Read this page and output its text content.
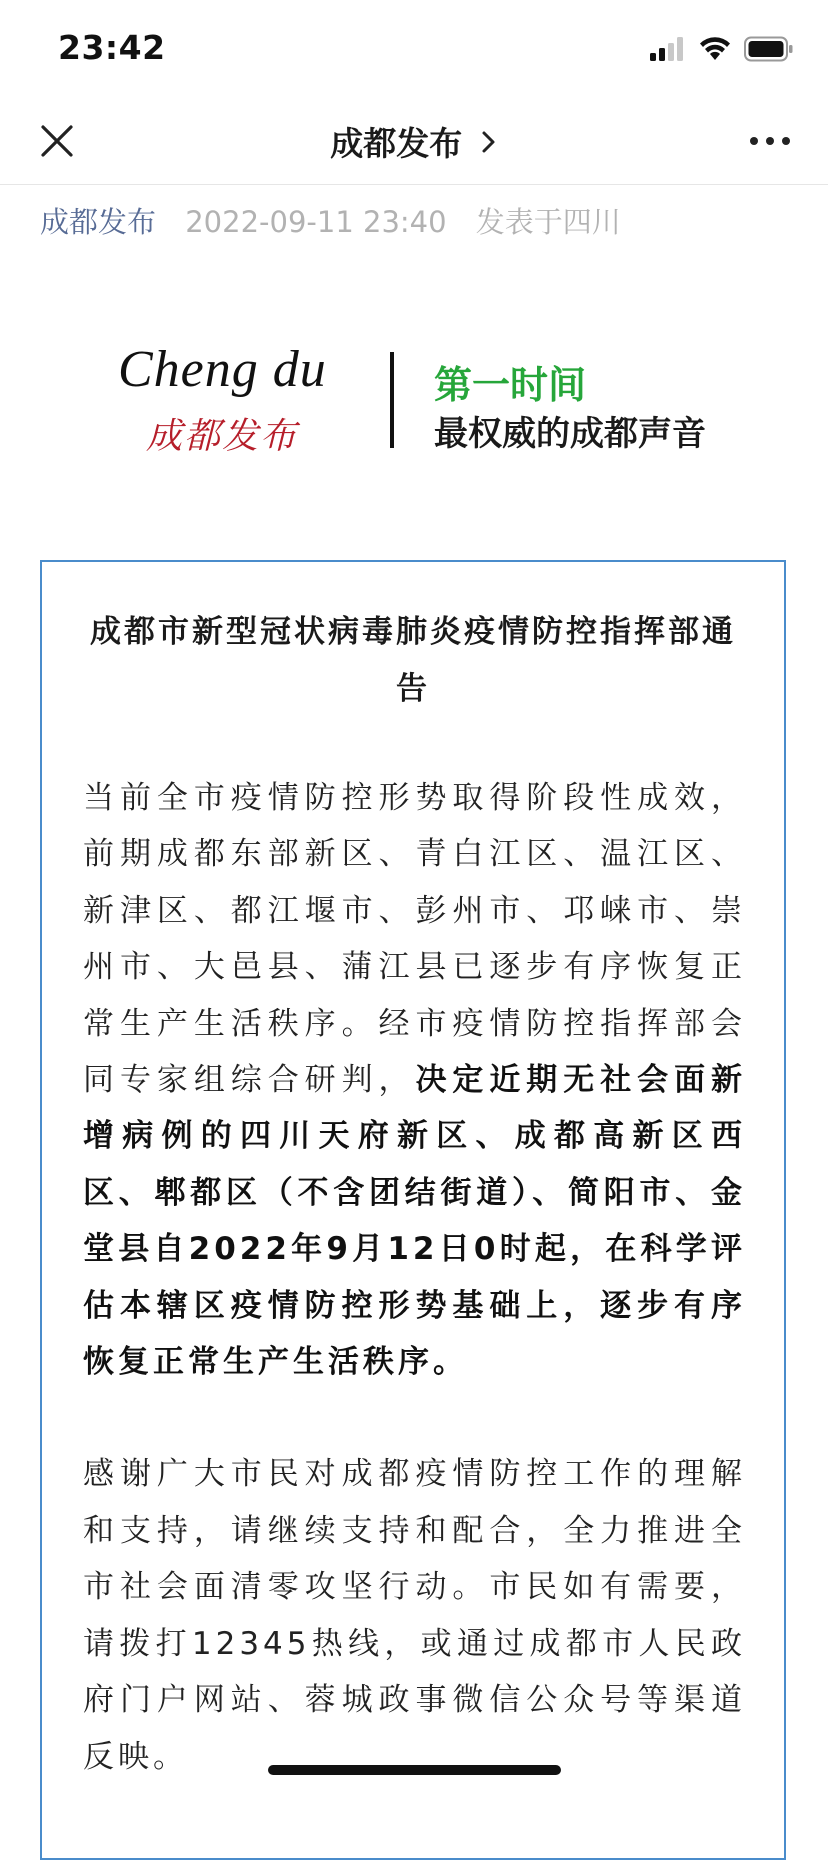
23:42
成都发布
成都发布 2022-09-11 23:40 发表于四川
Cheng du
成都发布
第一时间
最权威的成都声音
成都市新型冠状病毒肺炎疫情防控指挥部通告

当前全市疫情防控形势取得阶段性成效，前期成都东部新区、青白江区、温江区、新津区、都江堰市、彭州市、邛崃市、崇州市、大邑县、蒲江县已逐步有序恢复正常生产生活秩序。经市疫情防控指挥部会同专家组综合研判，决定近期无社会面新增病例的四川天府新区、成都高新区西区、郫都区（不含团结街道）、简阳市、金堂县自2022年9月12日0时起，在科学评估本辖区疫情防控形势基础上，逐步有序恢复正常生产生活秩序。

感谢广大市民对成都疫情防控工作的理解和支持，请继续支持和配合，全力推进全市社会面清零攻坚行动。市民如有需要，请拨打12345热线，或通过成都市人民政府门户网站、蓉城政事微信公众号等渠道反映。
